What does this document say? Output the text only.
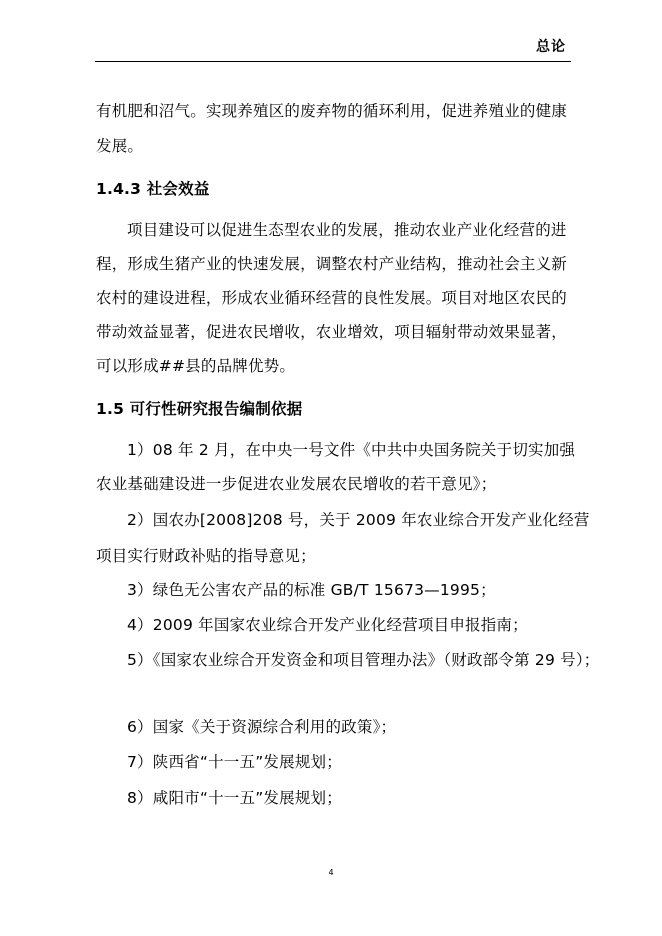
总论
有机肥和沼气。实现养殖区的废弃物的循环利用，促进养殖业的健康
发展。
1.4.3 社会效益
项目建设可以促进生态型农业的发展，推动农业产业化经营的进
程，形成生猪产业的快速发展，调整农村产业结构，推动社会主义新
农村的建设进程，形成农业循环经营的良性发展。项目对地区农民的
带动效益显著，促进农民增收，农业增效，项目辐射带动效果显著，
可以形成##县的品牌优势。
1.5 可行性研究报告编制依据
1）08 年 2 月，在中央一号文件《中共中央国务院关于切实加强
农业基础建设进一步促进农业发展农民增收的若干意见》；
2）国农办[2008]208 号，关于 2009 年农业综合开发产业化经营
项目实行财政补贴的指导意见；
3）绿色无公害农产品的标准 GB/T 15673—1995；
4）2009 年国家农业综合开发产业化经营项目申报指南；
5）《国家农业综合开发资金和项目管理办法》（财政部令第 29 号）；
6）国家《关于资源综合利用的政策》；
7）陕西省“十一五”发展规划；
8）咸阳市“十一五”发展规划；
4
